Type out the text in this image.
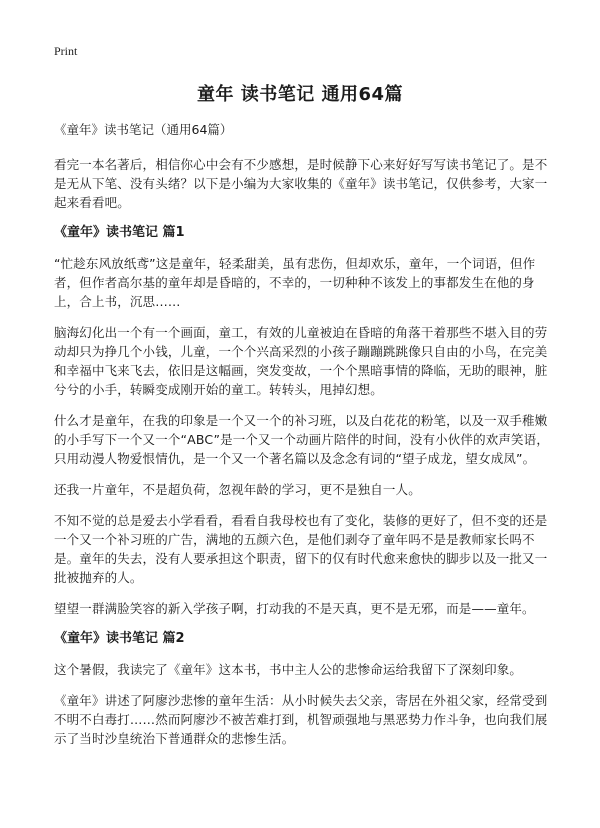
Print
童年 读书笔记 通用64篇
《童年》读书笔记（通用64篇）

看完一本名著后，相信你心中会有不少感想，是时候静下心来好好写写读书笔记了。是不是无从下笔、没有头绪？以下是小编为大家收集的《童年》读书笔记，仅供参考，大家一起来看看吧。

《童年》读书笔记 篇1

“忙趁东风放纸鸢”这是童年，轻柔甜美，虽有悲伤，但却欢乐，童年，一个词语，但作者，但作者高尔基的童年却是昏暗的，不幸的，一切种种不该发上的事都发生在他的身上，合上书，沉思……

脑海幻化出一个有一个画面，童工，有效的儿童被迫在昏暗的角落干着那些不堪入目的劳动却只为挣几个小钱，儿童，一个个兴高采烈的小孩子蹦蹦跳跳像只自由的小鸟，在完美和幸福中飞来飞去，依旧是这幅画，突发变故，一个个黑暗事情的降临，无助的眼神，脏兮兮的小手，转瞬变成刚开始的童工。转转头，甩掉幻想。

什么才是童年，在我的印象是一个又一个的补习班，以及白花花的粉笔，以及一双手稚嫩的小手写下一个又一个“ABC”是一个又一个动画片陪伴的时间，没有小伙伴的欢声笑语，只用动漫人物爱恨情仇，是一个又一个著名篇以及念念有词的“望子成龙，望女成凤”。

还我一片童年，不是超负荷，忽视年龄的学习，更不是独自一人。

不知不觉的总是爱去小学看看，看看自我母校也有了变化，装修的更好了，但不变的还是一个又一个补习班的广告，满地的五颜六色，是他们剥夺了童年吗不是是教师家长吗不是。童年的失去，没有人要承担这个职责，留下的仅有时代愈来愈快的脚步以及一批又一批被抛弃的人。

望望一群满脸笑容的新入学孩子啊，打动我的不是天真，更不是无邪，而是——童年。

《童年》读书笔记 篇2

这个暑假，我读完了《童年》这本书，书中主人公的悲惨命运给我留下了深刻印象。

《童年》讲述了阿廖沙悲惨的童年生活：从小时候失去父亲，寄居在外祖父家，经常受到不明不白毒打……然而阿廖沙不被苦难打到，机智顽强地与黑恶势力作斗争，也向我们展示了当时沙皇统治下普通群众的悲惨生活。
